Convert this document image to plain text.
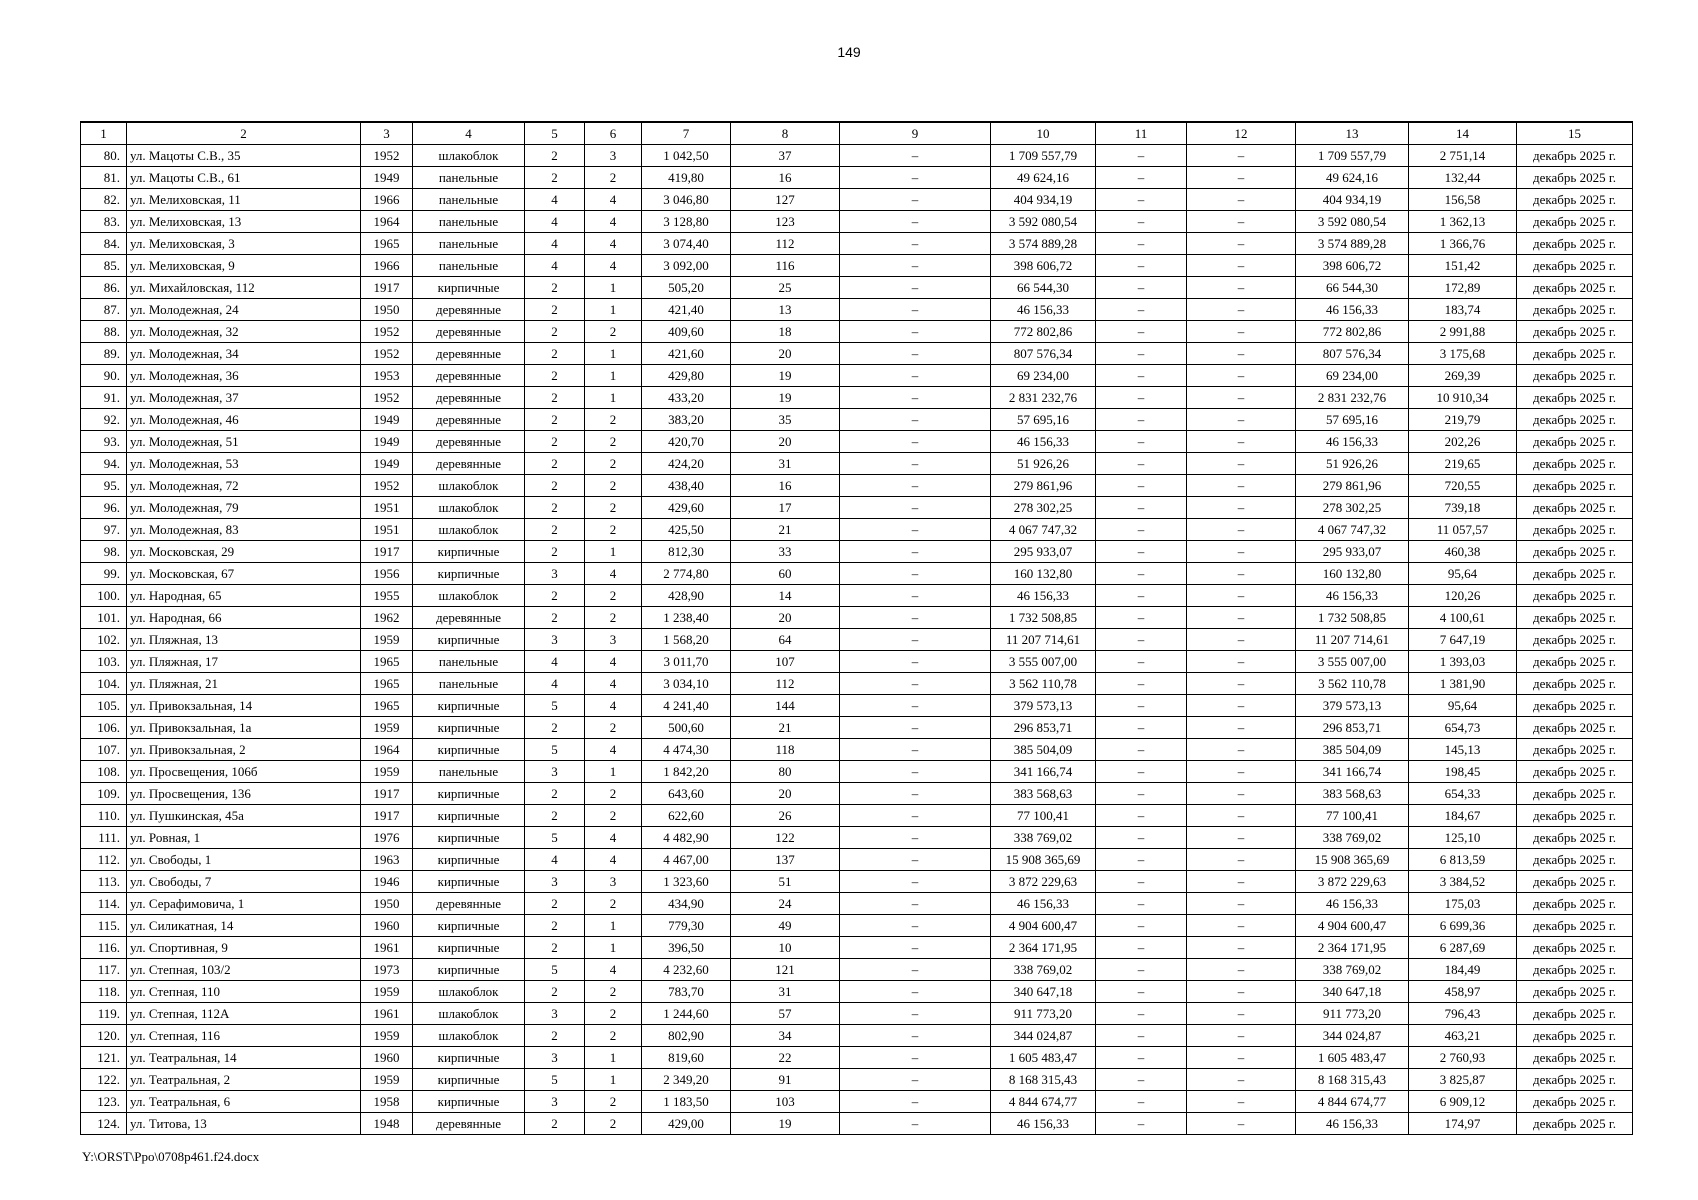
149
1	2	3	4	5	6	7	8	9	10	11	12	13	14	15
80.	ул. Мацоты С.В., 35	1952	шлакоблок	2	3	1 042,50	37	–	1 709 557,79	–	–	1 709 557,79	2 751,14	декабрь 2025 г.
81.	ул. Мацоты С.В., 61	1949	панельные	2	2	419,80	16	–	49 624,16	–	–	49 624,16	132,44	декабрь 2025 г.
82.	ул. Мелиховская, 11	1966	панельные	4	4	3 046,80	127	–	404 934,19	–	–	404 934,19	156,58	декабрь 2025 г.
83.	ул. Мелиховская, 13	1964	панельные	4	4	3 128,80	123	–	3 592 080,54	–	–	3 592 080,54	1 362,13	декабрь 2025 г.
84.	ул. Мелиховская, 3	1965	панельные	4	4	3 074,40	112	–	3 574 889,28	–	–	3 574 889,28	1 366,76	декабрь 2025 г.
85.	ул. Мелиховская, 9	1966	панельные	4	4	3 092,00	116	–	398 606,72	–	–	398 606,72	151,42	декабрь 2025 г.
86.	ул. Михайловская, 112	1917	кирпичные	2	1	505,20	25	–	66 544,30	–	–	66 544,30	172,89	декабрь 2025 г.
87.	ул. Молодежная, 24	1950	деревянные	2	1	421,40	13	–	46 156,33	–	–	46 156,33	183,74	декабрь 2025 г.
88.	ул. Молодежная, 32	1952	деревянные	2	2	409,60	18	–	772 802,86	–	–	772 802,86	2 991,88	декабрь 2025 г.
89.	ул. Молодежная, 34	1952	деревянные	2	1	421,60	20	–	807 576,34	–	–	807 576,34	3 175,68	декабрь 2025 г.
90.	ул. Молодежная, 36	1953	деревянные	2	1	429,80	19	–	69 234,00	–	–	69 234,00	269,39	декабрь 2025 г.
91.	ул. Молодежная, 37	1952	деревянные	2	1	433,20	19	–	2 831 232,76	–	–	2 831 232,76	10 910,34	декабрь 2025 г.
92.	ул. Молодежная, 46	1949	деревянные	2	2	383,20	35	–	57 695,16	–	–	57 695,16	219,79	декабрь 2025 г.
93.	ул. Молодежная, 51	1949	деревянные	2	2	420,70	20	–	46 156,33	–	–	46 156,33	202,26	декабрь 2025 г.
94.	ул. Молодежная, 53	1949	деревянные	2	2	424,20	31	–	51 926,26	–	–	51 926,26	219,65	декабрь 2025 г.
95.	ул. Молодежная, 72	1952	шлакоблок	2	2	438,40	16	–	279 861,96	–	–	279 861,96	720,55	декабрь 2025 г.
96.	ул. Молодежная, 79	1951	шлакоблок	2	2	429,60	17	–	278 302,25	–	–	278 302,25	739,18	декабрь 2025 г.
97.	ул. Молодежная, 83	1951	шлакоблок	2	2	425,50	21	–	4 067 747,32	–	–	4 067 747,32	11 057,57	декабрь 2025 г.
98.	ул. Московская, 29	1917	кирпичные	2	1	812,30	33	–	295 933,07	–	–	295 933,07	460,38	декабрь 2025 г.
99.	ул. Московская, 67	1956	кирпичные	3	4	2 774,80	60	–	160 132,80	–	–	160 132,80	95,64	декабрь 2025 г.
100.	ул. Народная, 65	1955	шлакоблок	2	2	428,90	14	–	46 156,33	–	–	46 156,33	120,26	декабрь 2025 г.
101.	ул. Народная, 66	1962	деревянные	2	2	1 238,40	20	–	1 732 508,85	–	–	1 732 508,85	4 100,61	декабрь 2025 г.
102.	ул. Пляжная, 13	1959	кирпичные	3	3	1 568,20	64	–	11 207 714,61	–	–	11 207 714,61	7 647,19	декабрь 2025 г.
103.	ул. Пляжная, 17	1965	панельные	4	4	3 011,70	107	–	3 555 007,00	–	–	3 555 007,00	1 393,03	декабрь 2025 г.
104.	ул. Пляжная, 21	1965	панельные	4	4	3 034,10	112	–	3 562 110,78	–	–	3 562 110,78	1 381,90	декабрь 2025 г.
105.	ул. Привокзальная, 14	1965	кирпичные	5	4	4 241,40	144	–	379 573,13	–	–	379 573,13	95,64	декабрь 2025 г.
106.	ул. Привокзальная, 1а	1959	кирпичные	2	2	500,60	21	–	296 853,71	–	–	296 853,71	654,73	декабрь 2025 г.
107.	ул. Привокзальная, 2	1964	кирпичные	5	4	4 474,30	118	–	385 504,09	–	–	385 504,09	145,13	декабрь 2025 г.
108.	ул. Просвещения, 106б	1959	панельные	3	1	1 842,20	80	–	341 166,74	–	–	341 166,74	198,45	декабрь 2025 г.
109.	ул. Просвещения, 136	1917	кирпичные	2	2	643,60	20	–	383 568,63	–	–	383 568,63	654,33	декабрь 2025 г.
110.	ул. Пушкинская, 45а	1917	кирпичные	2	2	622,60	26	–	77 100,41	–	–	77 100,41	184,67	декабрь 2025 г.
111.	ул. Ровная, 1	1976	кирпичные	5	4	4 482,90	122	–	338 769,02	–	–	338 769,02	125,10	декабрь 2025 г.
112.	ул. Свободы, 1	1963	кирпичные	4	4	4 467,00	137	–	15 908 365,69	–	–	15 908 365,69	6 813,59	декабрь 2025 г.
113.	ул. Свободы, 7	1946	кирпичные	3	3	1 323,60	51	–	3 872 229,63	–	–	3 872 229,63	3 384,52	декабрь 2025 г.
114.	ул. Серафимовича, 1	1950	деревянные	2	2	434,90	24	–	46 156,33	–	–	46 156,33	175,03	декабрь 2025 г.
115.	ул. Силикатная, 14	1960	кирпичные	2	1	779,30	49	–	4 904 600,47	–	–	4 904 600,47	6 699,36	декабрь 2025 г.
116.	ул. Спортивная, 9	1961	кирпичные	2	1	396,50	10	–	2 364 171,95	–	–	2 364 171,95	6 287,69	декабрь 2025 г.
117.	ул. Степная, 103/2	1973	кирпичные	5	4	4 232,60	121	–	338 769,02	–	–	338 769,02	184,49	декабрь 2025 г.
118.	ул. Степная, 110	1959	шлакоблок	2	2	783,70	31	–	340 647,18	–	–	340 647,18	458,97	декабрь 2025 г.
119.	ул. Степная, 112А	1961	шлакоблок	3	2	1 244,60	57	–	911 773,20	–	–	911 773,20	796,43	декабрь 2025 г.
120.	ул. Степная, 116	1959	шлакоблок	2	2	802,90	34	–	344 024,87	–	–	344 024,87	463,21	декабрь 2025 г.
121.	ул. Театральная, 14	1960	кирпичные	3	1	819,60	22	–	1 605 483,47	–	–	1 605 483,47	2 760,93	декабрь 2025 г.
122.	ул. Театральная, 2	1959	кирпичные	5	1	2 349,20	91	–	8 168 315,43	–	–	8 168 315,43	3 825,87	декабрь 2025 г.
123.	ул. Театральная, 6	1958	кирпичные	3	2	1 183,50	103	–	4 844 674,77	–	–	4 844 674,77	6 909,12	декабрь 2025 г.
124.	ул. Титова, 13	1948	деревянные	2	2	429,00	19	–	46 156,33	–	–	46 156,33	174,97	декабрь 2025 г.
Y:\ORST\Ppo\0708p461.f24.docx
